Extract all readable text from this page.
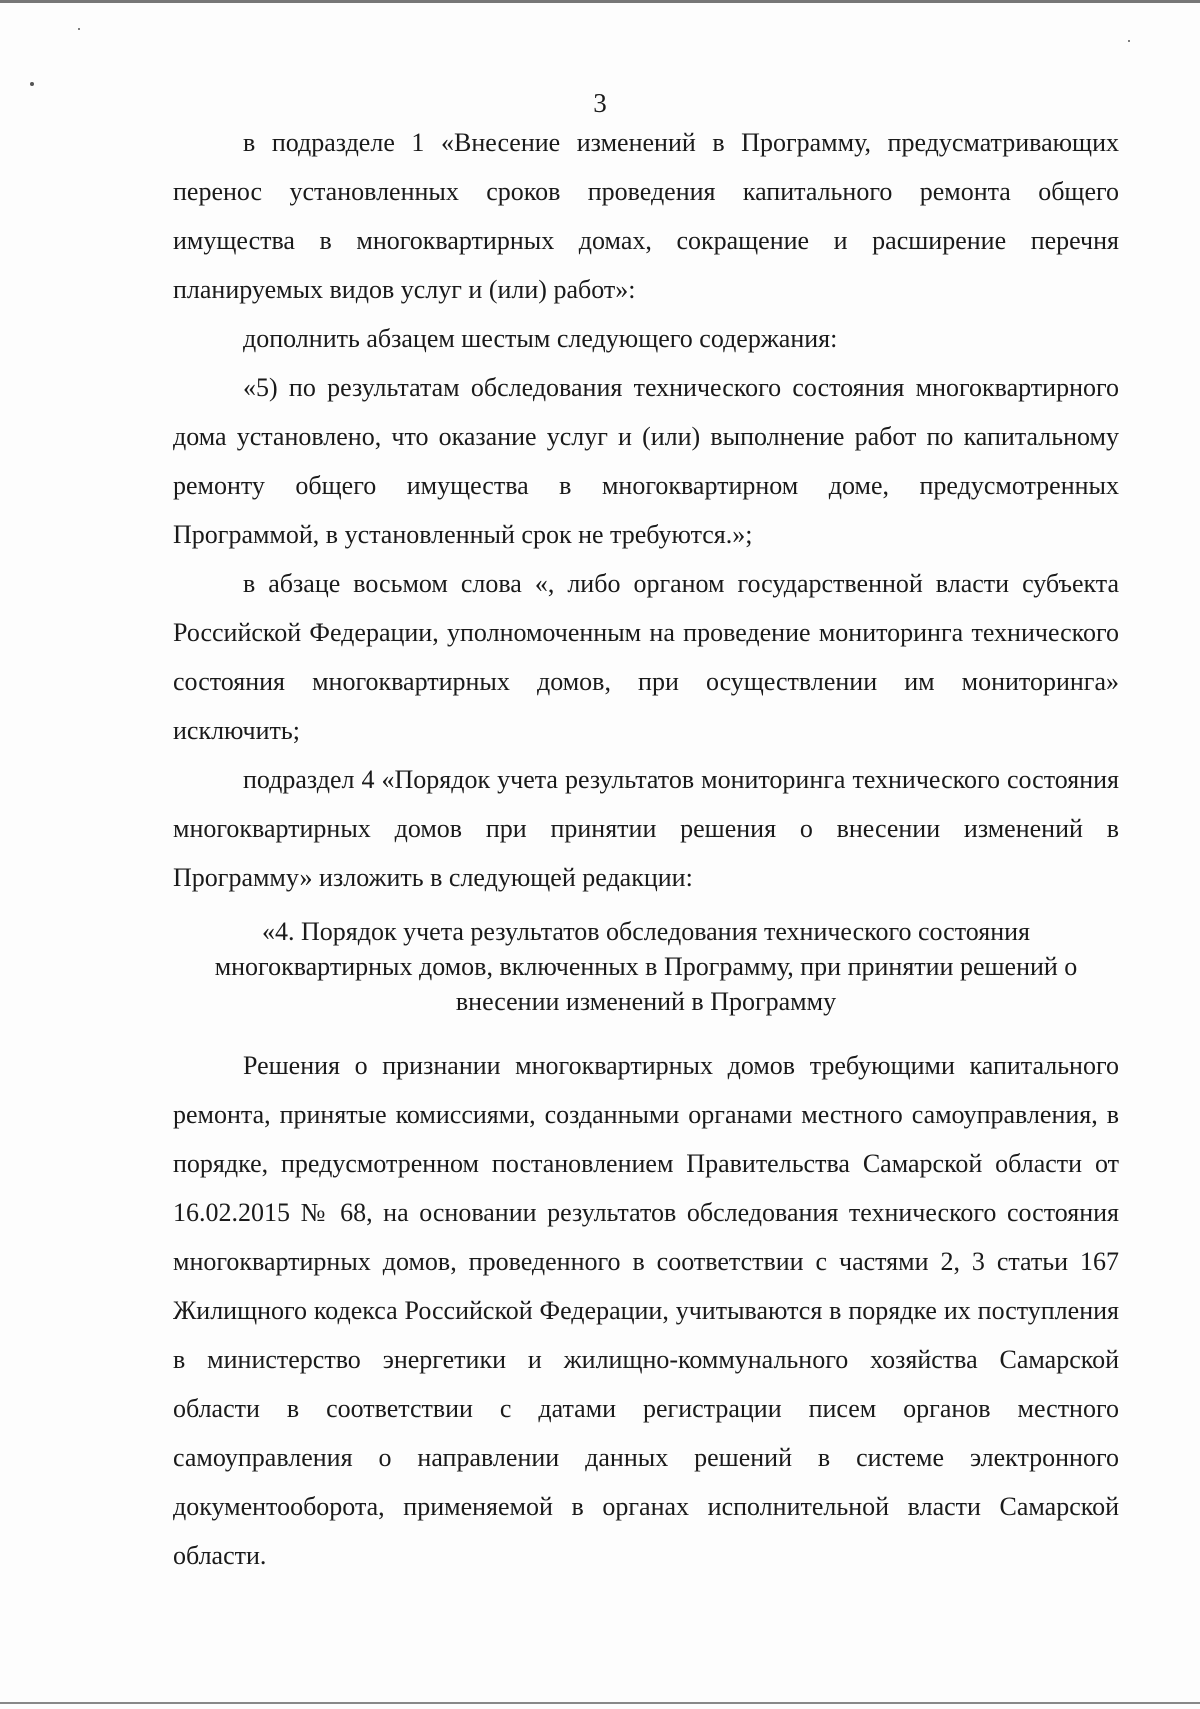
3

в подразделе 1 «Внесение изменений в Программу, предусматривающих перенос установленных сроков проведения капитального ремонта общего имущества в многоквартирных домах, сокращение и расширение перечня планируемых видов услуг и (или) работ»:

дополнить абзацем шестым следующего содержания:

«5) по результатам обследования технического состояния многоквартирного дома установлено, что оказание услуг и (или) выполнение работ по капитальному ремонту общего имущества в многоквартирном доме, предусмотренных Программой, в установленный срок не требуются.»;

в абзаце восьмом слова «, либо органом государственной власти субъекта Российской Федерации, уполномоченным на проведение мониторинга технического состояния многоквартирных домов, при осуществлении им мониторинга» исключить;

подраздел 4 «Порядок учета результатов мониторинга технического состояния многоквартирных домов при принятии решения о внесении изменений в Программу» изложить в следующей редакции:

«4. Порядок учета результатов обследования технического состояния
многоквартирных домов, включенных в Программу, при принятии решений о
внесении изменений в Программу

Решения о признании многоквартирных домов требующими капитального ремонта, принятые комиссиями, созданными органами местного самоуправления, в порядке, предусмотренном постановлением Правительства Самарской области от 16.02.2015 № 68, на основании результатов обследования технического состояния многоквартирных домов, проведенного в соответствии с частями 2, 3 статьи 167 Жилищного кодекса Российской Федерации, учитываются в порядке их поступления в министерство энергетики и жилищно-коммунального хозяйства Самарской области в соответствии с датами регистрации писем органов местного самоуправления о направлении данных решений в системе электронного документооборота, применяемой в органах исполнительной власти Самарской области.
